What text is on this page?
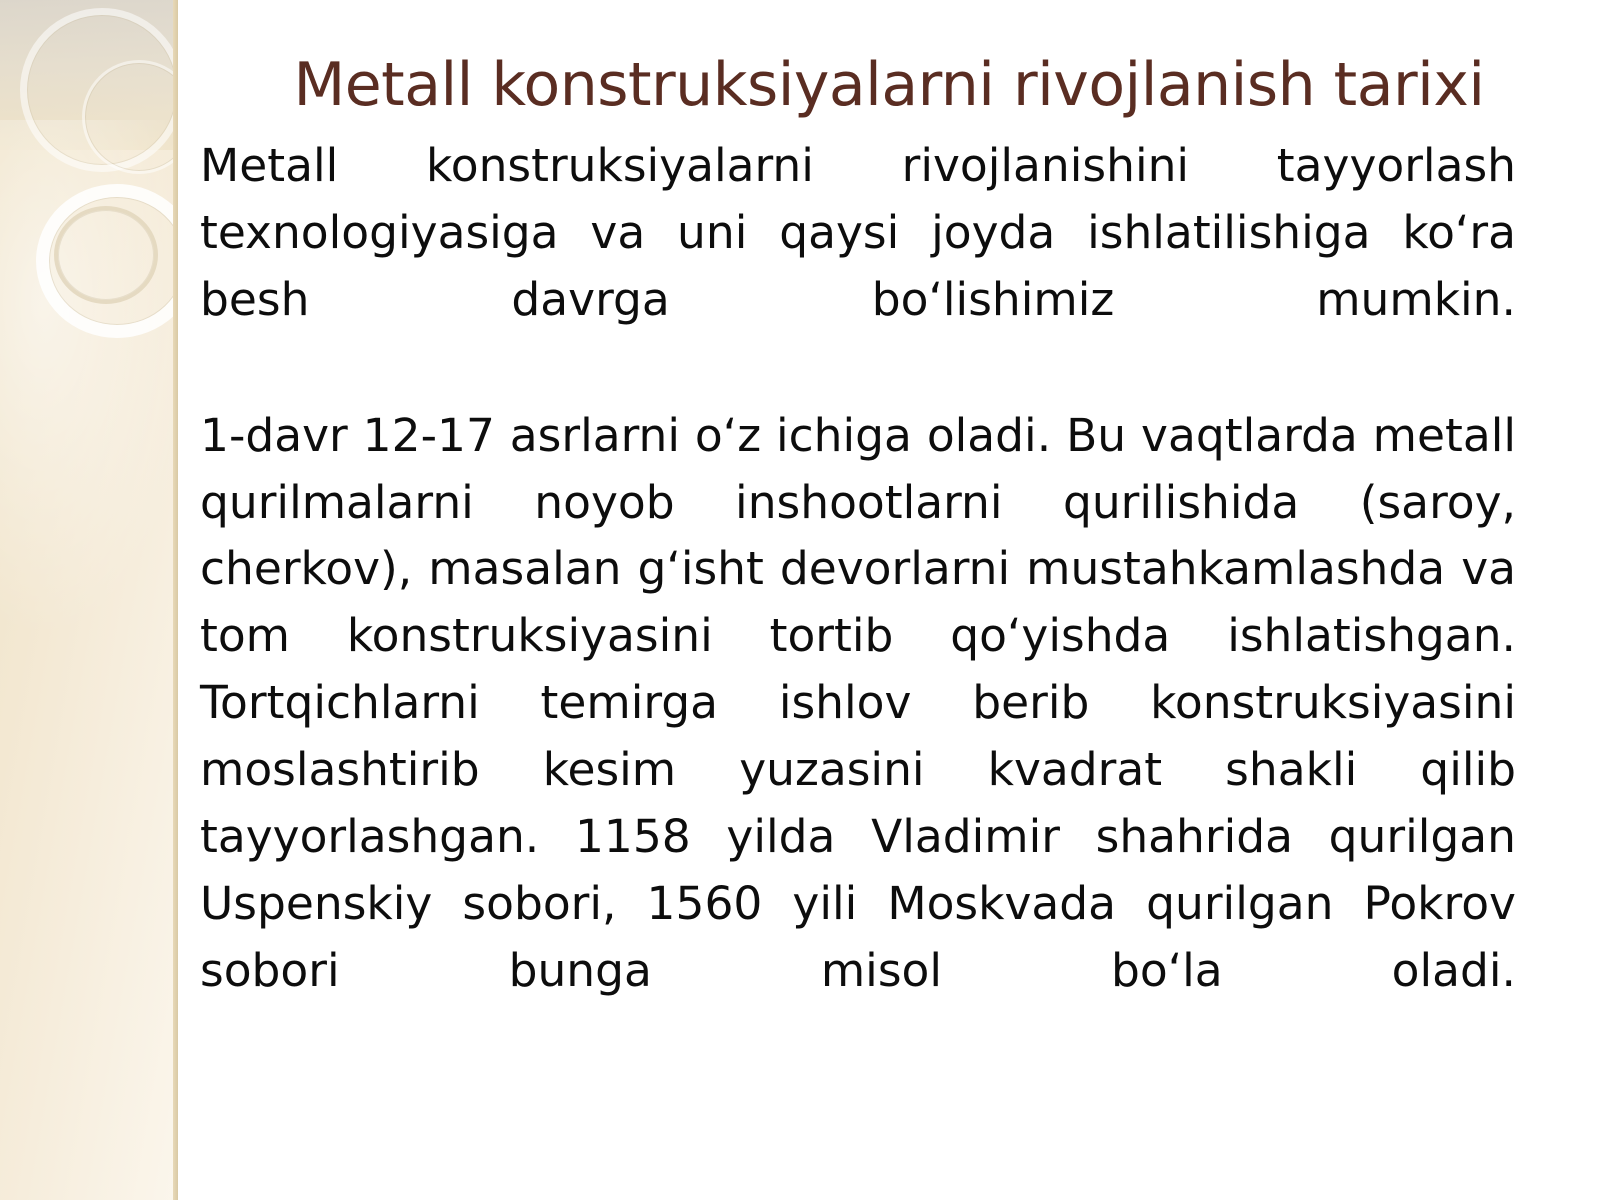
Metall konstruksiyalarni rivojlanish tarixi

Metall konstruksiyalarni rivojlanishini tayyorlash texnologiyasiga va uni qaysi joyda ishlatilishiga ko‘ra besh davrga bo‘lishimiz mumkin.

1-davr 12-17 asrlarni o‘z ichiga oladi. Bu vaqtlarda metall qurilmalarni noyob inshootlarni qurilishida (saroy, cherkov), masalan g‘isht devorlarni mustahkamlashda va tom konstruksiyasini tortib qo‘yishda ishlatishgan. Tortqichlarni temirga ishlov berib konstruksiyasini moslashtirib kesim yuzasini kvadrat shakli qilib tayyorlashgan. 1158 yilda Vladimir shahrida qurilgan Uspenskiy sobori, 1560 yili Moskvada qurilgan Pokrov sobori bunga misol bo‘la oladi.
